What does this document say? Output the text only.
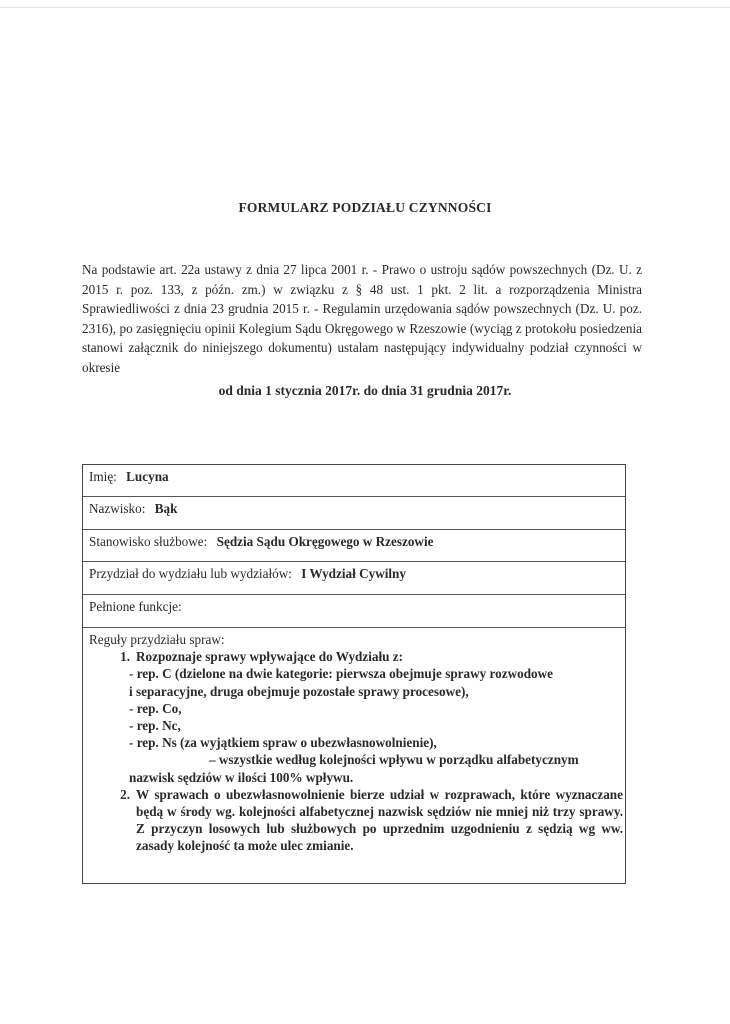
FORMULARZ PODZIAŁU CZYNNOŚCI
Na podstawie art. 22a ustawy z dnia 27 lipca 2001 r. - Prawo o ustroju sądów powszechnych (Dz. U. z 2015 r. poz. 133, z późn. zm.) w związku z § 48 ust. 1 pkt. 2 lit. a rozporządzenia Ministra Sprawiedliwości z dnia 23 grudnia 2015 r. - Regulamin urzędowania sądów powszechnych (Dz. U. poz. 2316), po zasięgnięciu opinii Kolegium Sądu Okręgowego w Rzeszowie (wyciąg z protokołu posiedzenia stanowi załącznik do niniejszego dokumentu) ustalam następujący indywidualny podział czynności w okresie
od dnia 1 stycznia 2017r. do dnia 31 grudnia 2017r.
Imię: Lucyna
Nazwisko: Bąk
Stanowisko służbowe: Sędzia Sądu Okręgowego w Rzeszowie
Przydział do wydziału lub wydziałów: I Wydział Cywilny
Pełnione funkcje:
Reguły przydziału spraw:
1. Rozpoznaje sprawy wpływające do Wydziału z:
- rep. C (dzielone na dwie kategorie: pierwsza obejmuje sprawy rozwodowe
i separacyjne, druga obejmuje pozostałe sprawy procesowe),
- rep. Co,
- rep. Nc,
- rep. Ns (za wyjątkiem spraw o ubezwłasnowolnienie),
– wszystkie według kolejności wpływu w porządku alfabetycznym
nazwisk sędziów w ilości 100% wpływu.
2. W sprawach o ubezwłasnowolnienie bierze udział w rozprawach, które wyznaczane będą w środy wg. kolejności alfabetycznej nazwisk sędziów nie mniej niż trzy sprawy. Z przyczyn losowych lub służbowych po uprzednim uzgodnieniu z sędzią wg ww. zasady kolejność ta może ulec zmianie.
